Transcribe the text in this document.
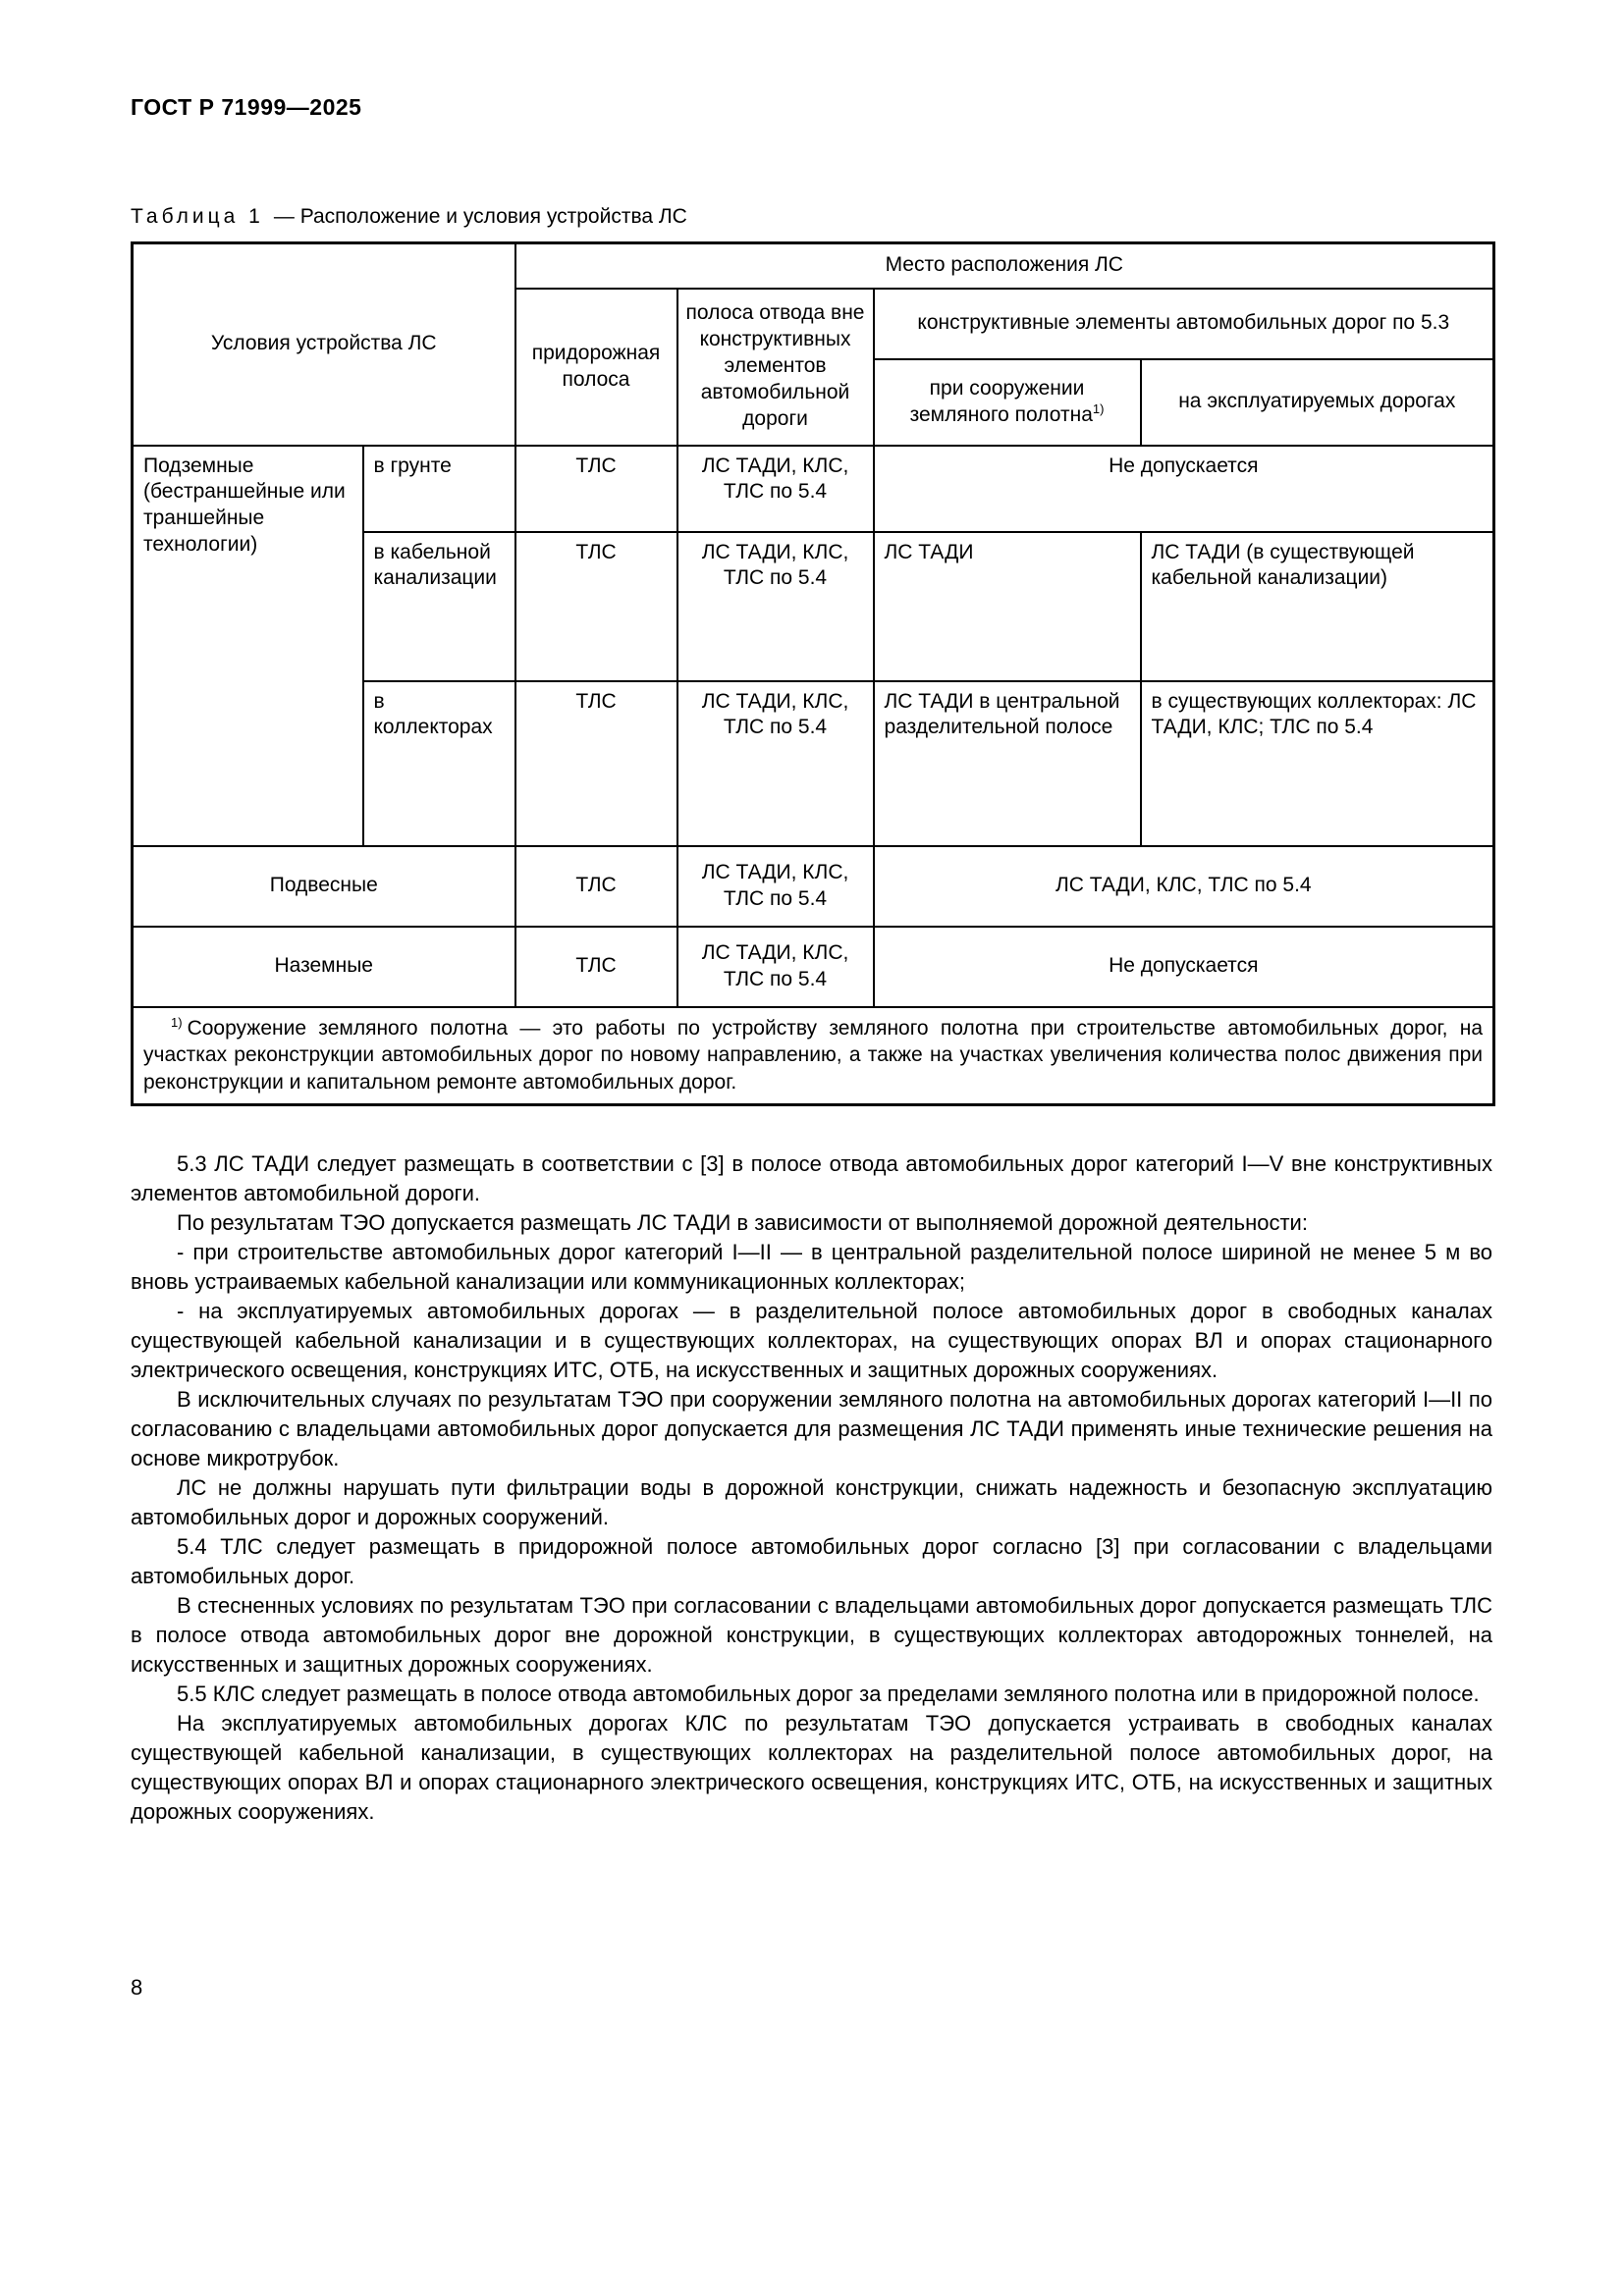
ГОСТ Р 71999—2025
Таблица 1 — Расположение и условия устройства ЛС
Условия устройства ЛС		Место расположения ЛС			
		придорожная полоса	полоса отвода вне конструктивных элементов автомобильной дороги	конструктивные элементы автомобильных дорог по 5.3	
				при сооружении земляного полотна$^{1)}$	на эксплуатируемых дорогах
Подземные (бестраншейные или траншейные технологии)	в грунте	ТЛС	ЛС ТАДИ, КЛС, ТЛС по 5.4	Не допускается	
	в кабельной канализации	ТЛС	ЛС ТАДИ, КЛС, ТЛС по 5.4	ЛС ТАДИ	ЛС ТАДИ (в существующей кабельной канализации)
	в коллекторах	ТЛС	ЛС ТАДИ, КЛС, ТЛС по 5.4	ЛС ТАДИ в центральной разделительной полосе	в существующих коллекторах: ЛС ТАДИ, КЛС; ТЛС по 5.4
Подвесные		ТЛС	ЛС ТАДИ, КЛС, ТЛС по 5.4	ЛС ТАДИ, КЛС, ТЛС по 5.4	
Наземные		ТЛС	ЛС ТАДИ, КЛС, ТЛС по 5.4	Не допускается	

$^{1)}$ Сооружение земляного полотна — это работы по устройству земляного полотна при строительстве автомобильных дорог, на участках реконструкции автомобильных дорог по новому направлению, а также на участках увеличения количества полос движения при реконструкции и капитальном ремонте автомобильных дорог.					

5.3 ЛС ТАДИ следует размещать в соответствии с [3] в полосе отвода автомобильных дорог категорий I—V вне конструктивных элементов автомобильной дороги.

По результатам ТЭО допускается размещать ЛС ТАДИ в зависимости от выполняемой дорожной деятельности:

- при строительстве автомобильных дорог категорий I—II — в центральной разделительной полосе шириной не менее 5 м во вновь устраиваемых кабельной канализации или коммуникационных коллекторах;

- на эксплуатируемых автомобильных дорогах — в разделительной полосе автомобильных дорог в свободных каналах существующей кабельной канализации и в существующих коллекторах, на существующих опорах ВЛ и опорах стационарного электрического освещения, конструкциях ИТС, ОТБ, на искусственных и защитных дорожных сооружениях.

В исключительных случаях по результатам ТЭО при сооружении земляного полотна на автомобильных дорогах категорий I—II по согласованию с владельцами автомобильных дорог допускается для размещения ЛС ТАДИ применять иные технические решения на основе микротрубок.

ЛС не должны нарушать пути фильтрации воды в дорожной конструкции, снижать надежность и безопасную эксплуатацию автомобильных дорог и дорожных сооружений.

5.4 ТЛС следует размещать в придорожной полосе автомобильных дорог согласно [3] при согласовании с владельцами автомобильных дорог.

В стесненных условиях по результатам ТЭО при согласовании с владельцами автомобильных дорог допускается размещать ТЛС в полосе отвода автомобильных дорог вне дорожной конструкции, в существующих коллекторах автодорожных тоннелей, на искусственных и защитных дорожных сооружениях.

5.5 КЛС следует размещать в полосе отвода автомобильных дорог за пределами земляного полотна или в придорожной полосе.

На эксплуатируемых автомобильных дорогах КЛС по результатам ТЭО допускается устраивать в свободных каналах существующей кабельной канализации, в существующих коллекторах на разделительной полосе автомобильных дорог, на существующих опорах ВЛ и опорах стационарного электрического освещения, конструкциях ИТС, ОТБ, на искусственных и защитных дорожных сооружениях.

8
